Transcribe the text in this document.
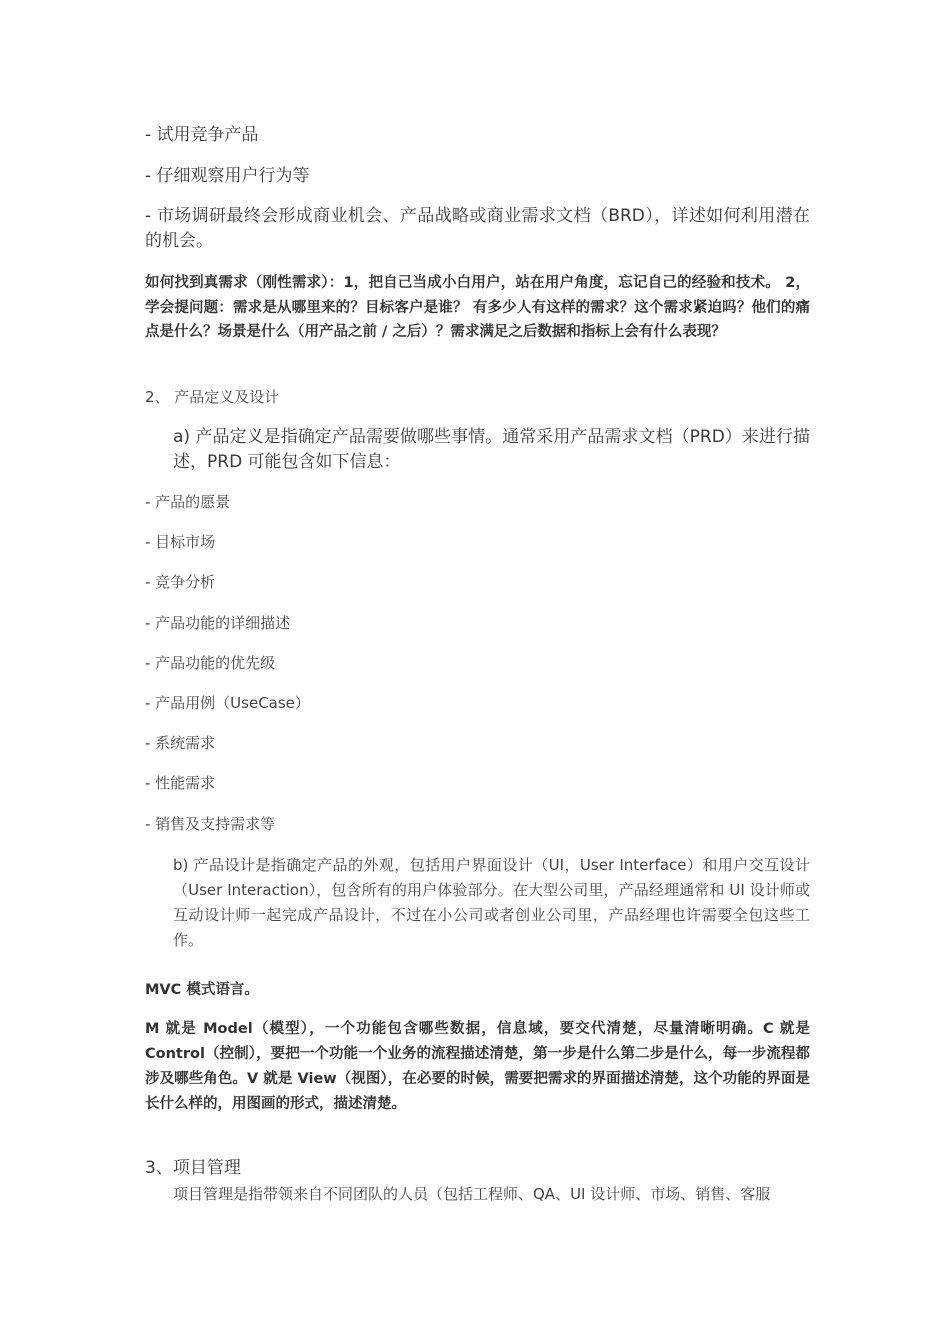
- 试用竞争产品

- 仔细观察用户行为等

- 市场调研最终会形成商业机会、产品战略或商业需求文档（BRD），详述如何利用潜在的机会。

如何找到真需求（刚性需求）：1，把自己当成小白用户，站在用户角度，忘记自己的经验和技术。 2，学会提问题：需求是从哪里来的？目标客户是谁？ 有多少人有这样的需求？这个需求紧迫吗？他们的痛点是什么？场景是什么（用产品之前 / 之后）？需求满足之后数据和指标上会有什么表现？

2、 产品定义及设计

a) 产品定义是指确定产品需要做哪些事情。通常采用产品需求文档（PRD）来进行描述，PRD 可能包含如下信息：

- 产品的愿景

- 目标市场

- 竞争分析

- 产品功能的详细描述

- 产品功能的优先级

- 产品用例（UseCase）

- 系统需求

- 性能需求

- 销售及支持需求等

b) 产品设计是指确定产品的外观，包括用户界面设计（UI，User Interface）和用户交互设计（User Interaction），包含所有的用户体验部分。在大型公司里，产品经理通常和 UI 设计师或互动设计师一起完成产品设计，不过在小公司或者创业公司里，产品经理也许需要全包这些工作。

MVC 模式语言。

M 就是 Model（模型），一个功能包含哪些数据，信息域，要交代清楚，尽量清晰明确。C 就是 Control（控制），要把一个功能一个业务的流程描述清楚，第一步是什么第二步是什么，每一步流程都涉及哪些角色。V 就是 View（视图），在必要的时候，需要把需求的界面描述清楚，这个功能的界面是长什么样的，用图画的形式，描述清楚。

3、项目管理

项目管理是指带领来自不同团队的人员（包括工程师、QA、UI 设计师、市场、销售、客服
